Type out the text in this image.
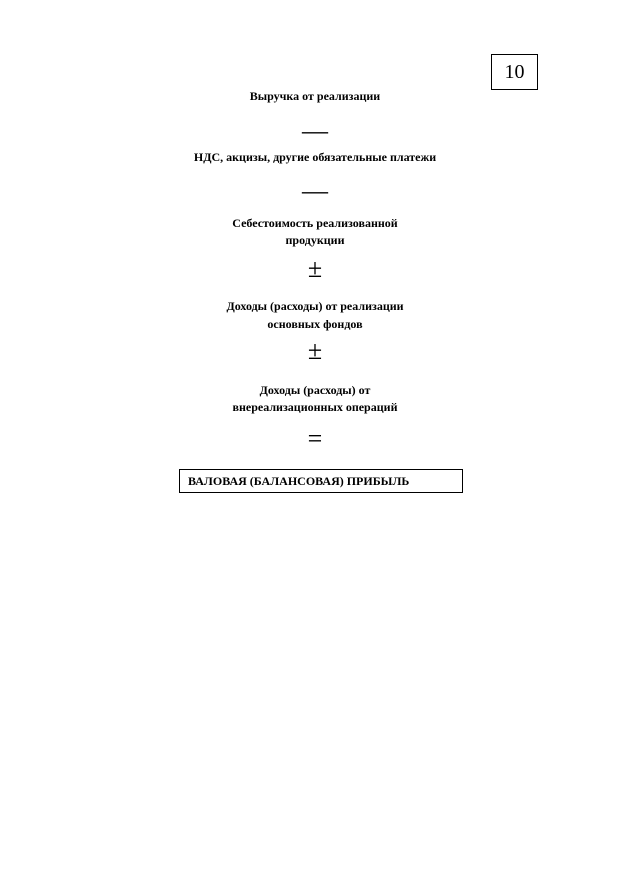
10
Выручка от реализации
—
НДС, акцизы, другие обязательные платежи
—
Себестоимость реализованной
продукции
±
Доходы (расходы) от реализации
основных фондов
±
Доходы (расходы) от
внереализационных операций
=
ВАЛОВАЯ (БАЛАНСОВАЯ) ПРИБЫЛЬ
